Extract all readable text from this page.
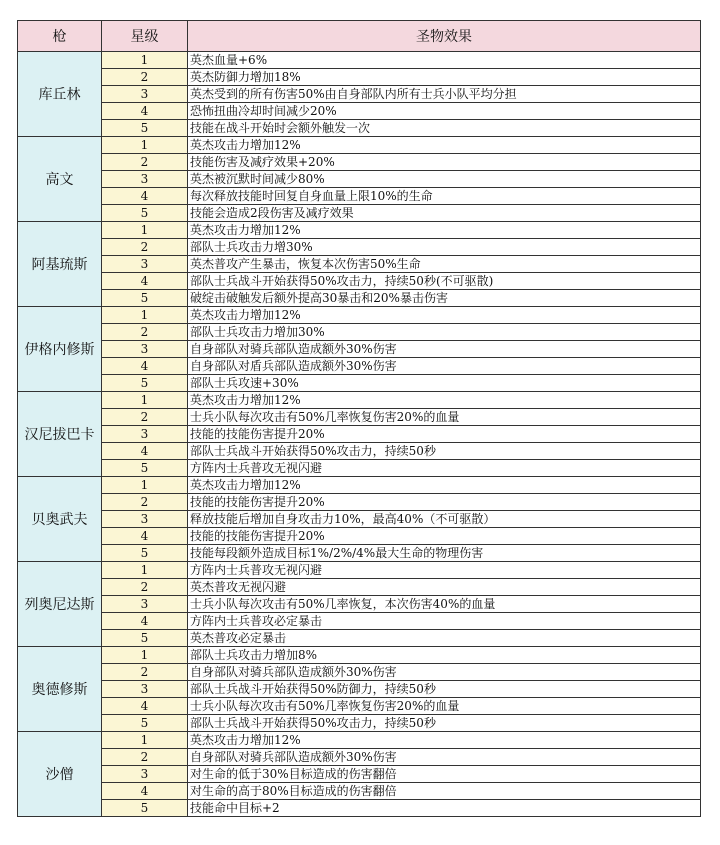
枪	星级	圣物效果
库丘林	1	英杰血量+6%
	2	英杰防御力增加18%
	3	英杰受到的所有伤害50%由自身部队内所有士兵小队平均分担
	4	恐怖扭曲冷却时间减少20%
	5	技能在战斗开始时会额外触发一次
高文	1	英杰攻击力增加12%
	2	技能伤害及减疗效果+20%
	3	英杰被沉默时间减少80%
	4	每次释放技能时回复自身血量上限10%的生命
	5	技能会造成2段伤害及减疗效果
阿基琉斯	1	英杰攻击力增加12%
	2	部队士兵攻击力增30%
	3	英杰普攻产生暴击，恢复本次伤害50%生命
	4	部队士兵战斗开始获得50%攻击力，持续50秒(不可驱散)
	5	破绽击破触发后额外提高30暴击和20%暴击伤害
伊格内修斯	1	英杰攻击力增加12%
	2	部队士兵攻击力增加30%
	3	自身部队对骑兵部队造成额外30%伤害
	4	自身部队对盾兵部队造成额外30%伤害
	5	部队士兵攻速+30%
汉尼拔巴卡	1	英杰攻击力增加12%
	2	士兵小队每次攻击有50%几率恢复伤害20%的血量
	3	技能的技能伤害提升20%
	4	部队士兵战斗开始获得50%攻击力，持续50秒
	5	方阵内士兵普攻无视闪避
贝奥武夫	1	英杰攻击力增加12%
	2	技能的技能伤害提升20%
	3	释放技能后增加自身攻击力10%，最高40%（不可驱散）
	4	技能的技能伤害提升20%
	5	技能每段额外造成目标1%/2%/4%最大生命的物理伤害
列奥尼达斯	1	方阵内士兵普攻无视闪避
	2	英杰普攻无视闪避
	3	士兵小队每次攻击有50%几率恢复，本次伤害40%的血量
	4	方阵内士兵普攻必定暴击
	5	英杰普攻必定暴击
奥德修斯	1	部队士兵攻击力增加8%
	2	自身部队对骑兵部队造成额外30%伤害
	3	部队士兵战斗开始获得50%防御力，持续50秒
	4	士兵小队每次攻击有50%几率恢复伤害20%的血量
	5	部队士兵战斗开始获得50%攻击力，持续50秒
沙僧	1	英杰攻击力增加12%
	2	自身部队对骑兵部队造成额外30%伤害
	3	对生命的低于30%目标造成的伤害翻倍
	4	对生命的高于80%目标造成的伤害翻倍
	5	技能命中目标+2
